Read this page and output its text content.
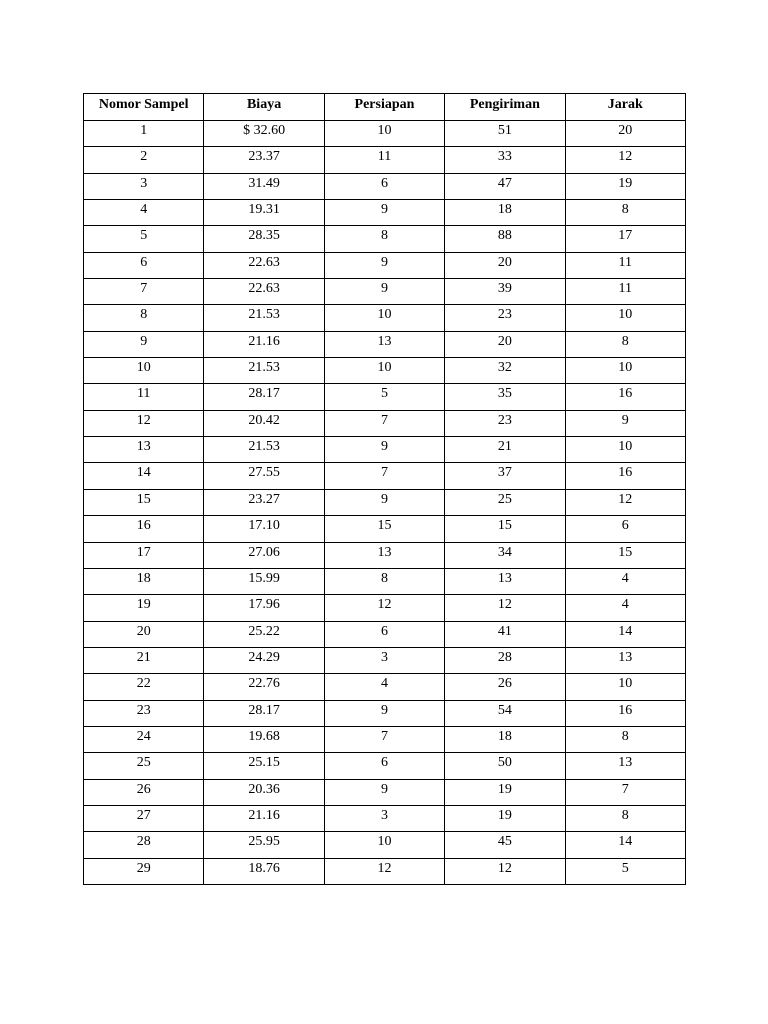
Nomor Sampel	Biaya	Persiapan	Pengiriman	Jarak
1	$ 32.60	10	51	20
2	23.37	11	33	12
3	31.49	6	47	19
4	19.31	9	18	8
5	28.35	8	88	17
6	22.63	9	20	11
7	22.63	9	39	11
8	21.53	10	23	10
9	21.16	13	20	8
10	21.53	10	32	10
11	28.17	5	35	16
12	20.42	7	23	9
13	21.53	9	21	10
14	27.55	7	37	16
15	23.27	9	25	12
16	17.10	15	15	6
17	27.06	13	34	15
18	15.99	8	13	4
19	17.96	12	12	4
20	25.22	6	41	14
21	24.29	3	28	13
22	22.76	4	26	10
23	28.17	9	54	16
24	19.68	7	18	8
25	25.15	6	50	13
26	20.36	9	19	7
27	21.16	3	19	8
28	25.95	10	45	14
29	18.76	12	12	5
